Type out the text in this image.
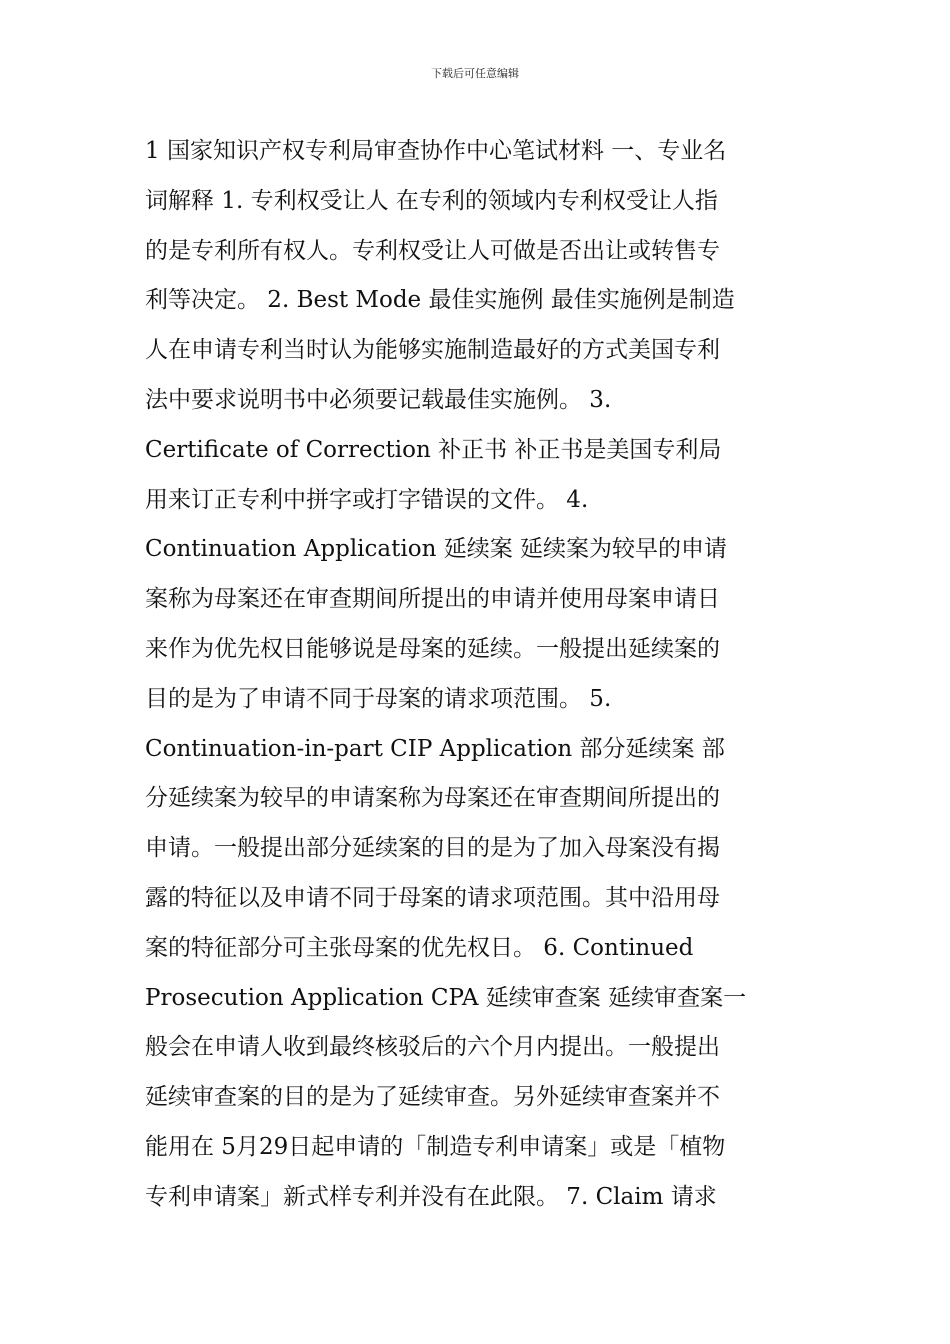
下载后可任意编辑
1 国家知识产权专利局审查协作中心笔试材料 一、专业名
词解释 1. 专利权受让人 在专利的领域内专利权受让人指
的是专利所有权人。专利权受让人可做是否出让或转售专
利等决定。 2. Best Mode 最佳实施例 最佳实施例是制造
人在申请专利当时认为能够实施制造最好的方式美国专利
法中要求说明书中必须要记载最佳实施例。 3.
Certificate of Correction 补正书 补正书是美国专利局
用来订正专利中拼字或打字错误的文件。 4.
Continuation Application 延续案 延续案为较早的申请
案称为母案还在审查期间所提出的申请并使用母案申请日
来作为优先权日能够说是母案的延续。一般提出延续案的
目的是为了申请不同于母案的请求项范围。 5.
Continuation-in-part CIP Application 部分延续案 部
分延续案为较早的申请案称为母案还在审查期间所提出的
申请。一般提出部分延续案的目的是为了加入母案没有揭
露的特征以及申请不同于母案的请求项范围。其中沿用母
案的特征部分可主张母案的优先权日。 6. Continued
Prosecution Application CPA 延续审查案 延续审查案一
般会在申请人收到最终核驳后的六个月内提出。一般提出
延续审查案的目的是为了延续审查。另外延续审查案并不
能用在 5月29日起申请的「制造专利申请案」或是「植物
专利申请案」新式样专利并没有在此限。 7. Claim 请求
